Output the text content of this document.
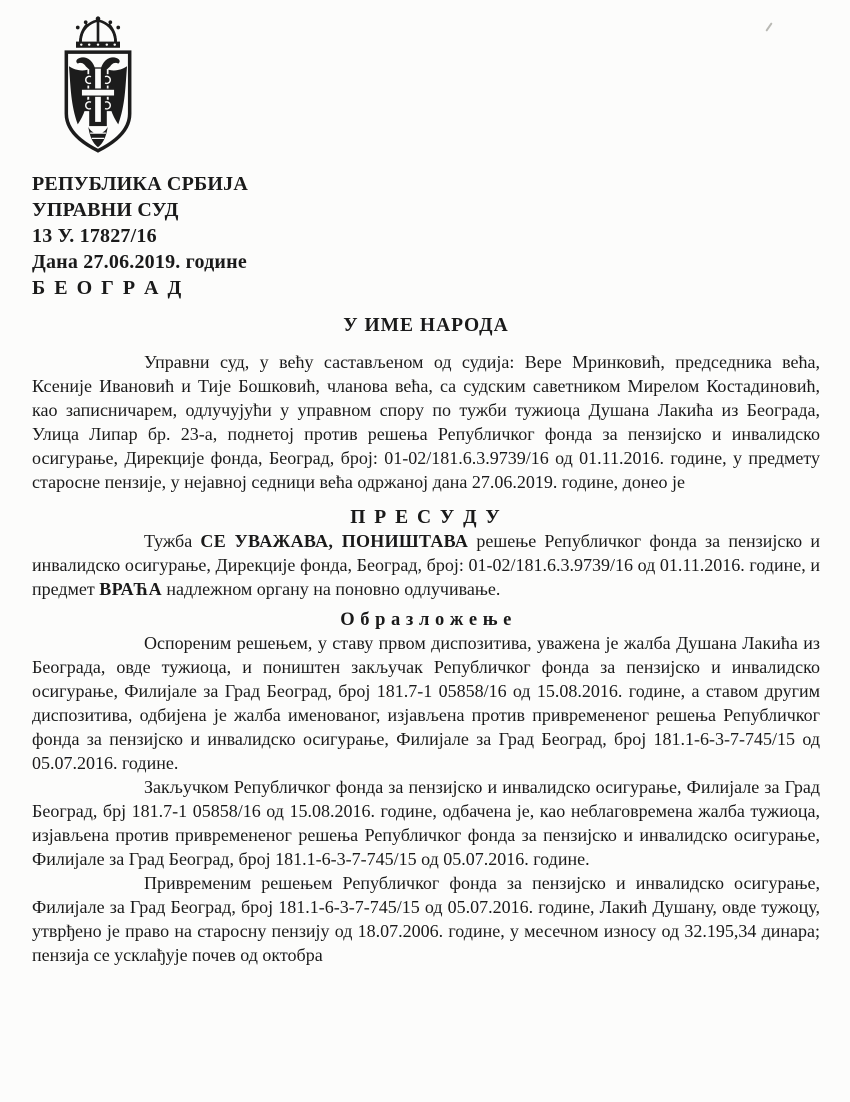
РЕПУБЛИКА СРБИЈА
УПРАВНИ СУД
13 У. 17827/16
Дана 27.06.2019. године
Б Е О Г Р А Д
У ИМЕ НАРОДА

Управни суд, у већу састављеном од судија: Вере Мринковић, председника већа, Ксеније Ивановић и Тије Бошковић, чланова већа, са судским саветником Мирелом Костадиновић, као записничарем, одлучујући у управном спору по тужби тужиоца Душана Лакића из Београда, Улица Липар бр. 23-а, поднетој против решења Републичког фонда за пензијско и инвалидско осигурање, Дирекције фонда, Београд, број: 01-02/181.6.3.9739/16 од 01.11.2016. године, у предмету старосне пензије, у нејавној седници већа одржаној дана 27.06.2019. године, донео је

П Р Е С У Д У

Тужба СЕ УВАЖАВА, ПОНИШТАВА решење Републичког фонда за пензијско и инвалидско осигурање, Дирекције фонда, Београд, број: 01-02/181.6.3.9739/16 од 01.11.2016. године, и предмет ВРАЋА надлежном органу на поновно одлучивање.

О б р а з л о ж е њ е

Оспореним решењем, у ставу првом диспозитива, уважена је жалба Душана Лакића из Београда, овде тужиоца, и поништен закључак Републичког фонда за пензијско и инвалидско осигурање, Филијале за Град Београд, број 181.7-1 05858/16 од 15.08.2016. године, а ставом другим диспозитива, одбијена је жалба именованог, изјављена против привремененог решења Републичког фонда за пензијско и инвалидско осигурање, Филијале за Град Београд, број 181.1-6-3-7-745/15 од 05.07.2016. године.

Закључком Републичког фонда за пензијско и инвалидско осигурање, Филијале за Град Београд, брј 181.7-1 05858/16 од 15.08.2016. године, одбачена је, као неблаговремена жалба тужиоца, изјављена против привремененог решења Републичког фонда за пензијско и инвалидско осигурање, Филијале за Град Београд, број 181.1-6-3-7-745/15 од 05.07.2016. године.

Привременим решењем Републичког фонда за пензијско и инвалидско осигурање, Филијале за Град Београд, број 181.1-6-3-7-745/15 од 05.07.2016. године, Лакић Душану, овде тужоцу, утврђено је право на старосну пензију од 18.07.2006. године, у месечном износу од 32.195,34 динара; пензија се усклађује почев од октобра
